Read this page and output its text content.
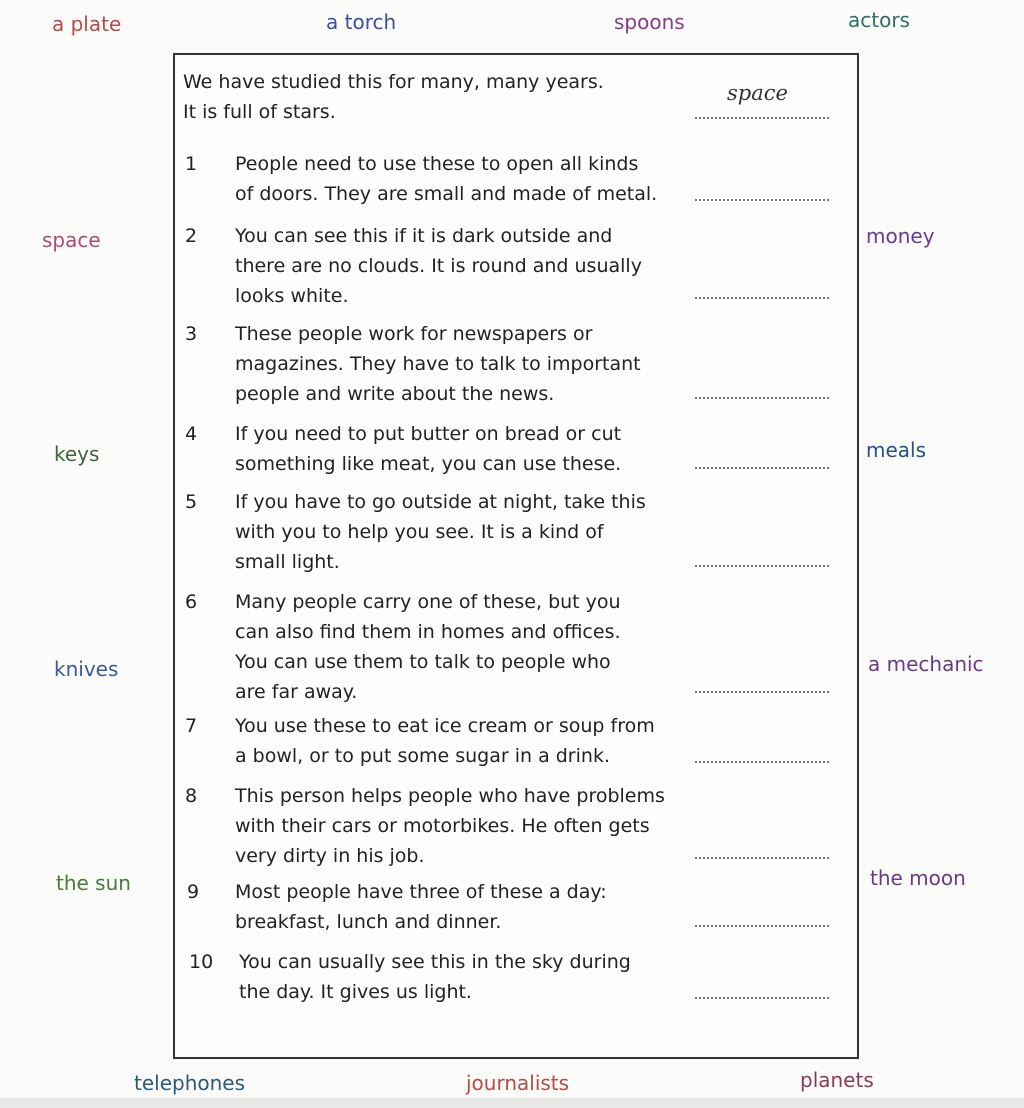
a plate	a torch	spoons	actors
space	money
keys	meals
knives	a mechanic
the sun	the moon
telephones	journalists	planets
We have studied this for many, many years.
It is full of stars.
space
1 People need to use these to open all kinds
of doors. They are small and made of metal.
2 You can see this if it is dark outside and
there are no clouds. It is round and usually
looks white.
3 These people work for newspapers or
magazines. They have to talk to important
people and write about the news.
4 If you need to put butter on bread or cut
something like meat, you can use these.
5 If you have to go outside at night, take this
with you to help you see. It is a kind of
small light.
6 Many people carry one of these, but you
can also find them in homes and offices.
You can use them to talk to people who
are far away.
7 You use these to eat ice cream or soup from
a bowl, or to put some sugar in a drink.
8 This person helps people who have problems
with their cars or motorbikes. He often gets
very dirty in his job.
9 Most people have three of these a day:
breakfast, lunch and dinner.
10 You can usually see this in the sky during
the day. It gives us light.
